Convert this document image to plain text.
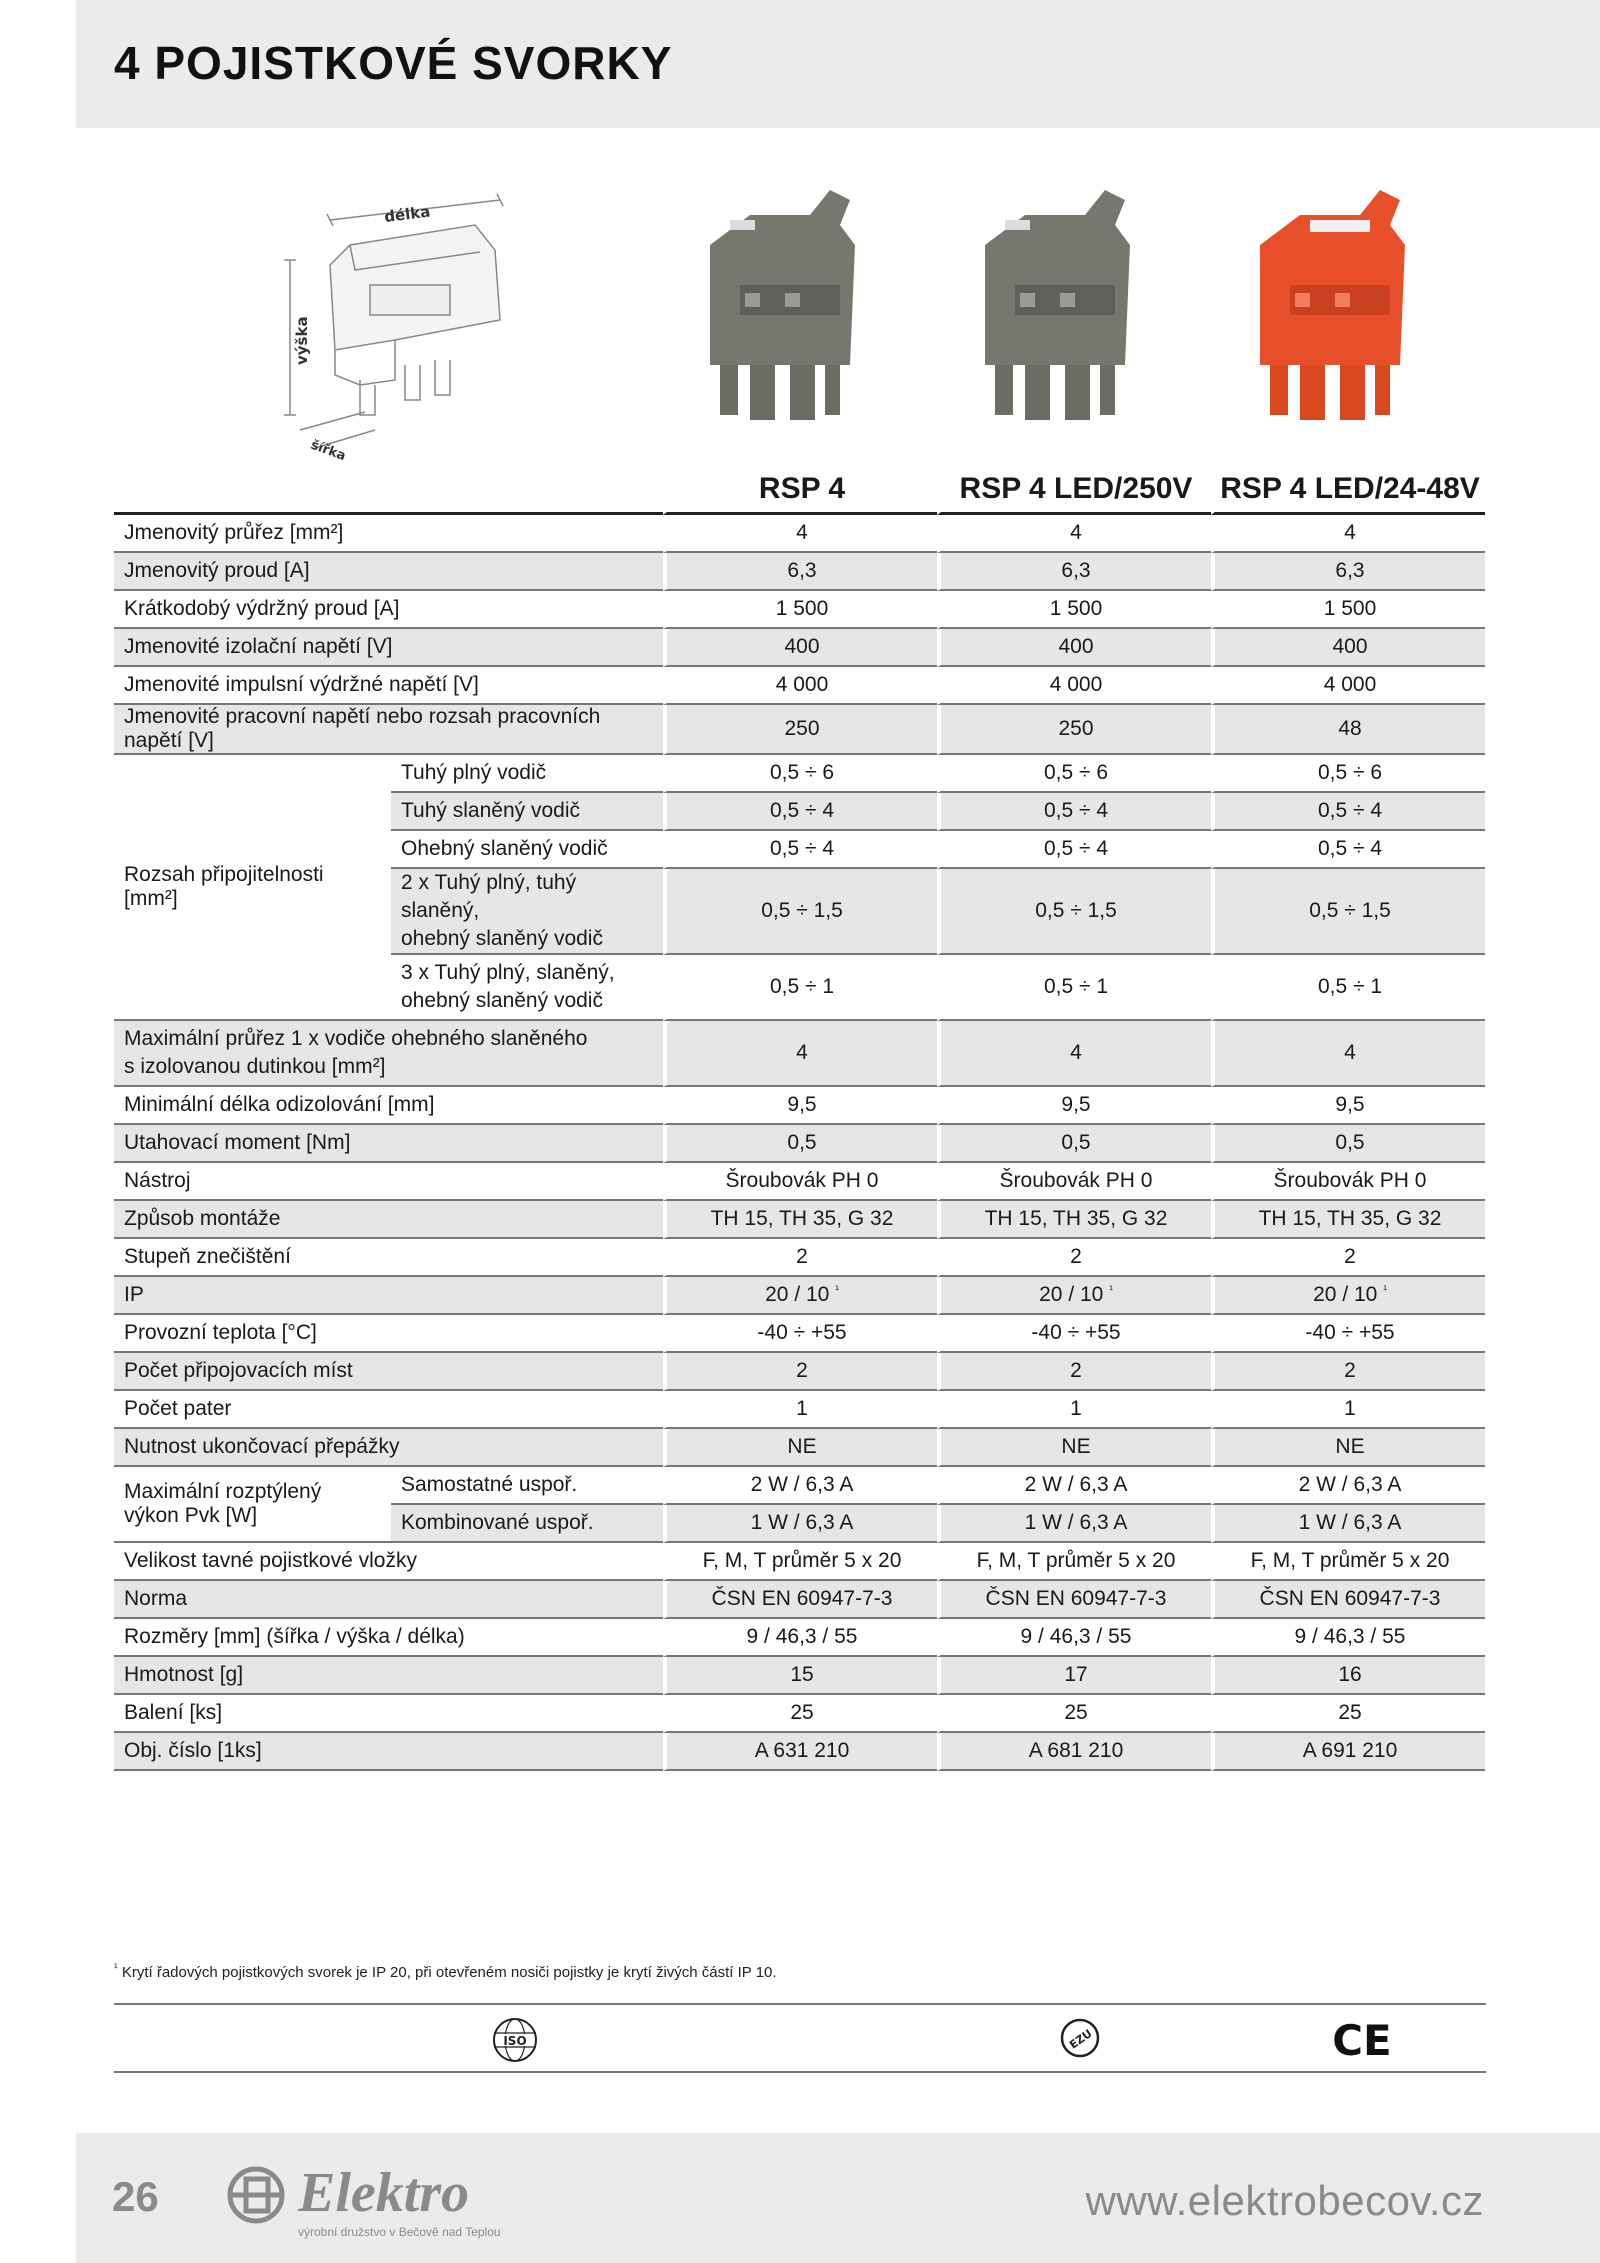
4 POJISTKOVÉ SVORKY
délka
výška
šířka
		RSP 4	RSP 4 LED/250V	RSP 4 LED/24-48V
Jmenovitý průřez [mm²]		4	4	4
Jmenovitý proud [A]		6,3	6,3	6,3
Krátkodobý výdržný proud [A]		1 500	1 500	1 500
Jmenovité izolační napětí [V]		400	400	400
Jmenovité impulsní výdržné napětí [V]		4 000	4 000	4 000
Jmenovité pracovní napětí nebo rozsah pracovních napětí [V]		250	250	48
Rozsah připojitelnosti [mm²]	Tuhý plný vodič	0,5 ÷ 6	0,5 ÷ 6	0,5 ÷ 6
	Tuhý slaněný vodič	0,5 ÷ 4	0,5 ÷ 4	0,5 ÷ 4
	Ohebný slaněný vodič	0,5 ÷ 4	0,5 ÷ 4	0,5 ÷ 4
	2 x Tuhý plný, tuhý slaněný,
ohebný slaněný vodič	0,5 ÷ 1,5	0,5 ÷ 1,5	0,5 ÷ 1,5
	3 x Tuhý plný, slaněný,
ohebný slaněný vodič	0,5 ÷ 1	0,5 ÷ 1	0,5 ÷ 1
Maximální průřez 1 x vodiče ohebného slaněného
s izolovanou dutinkou [mm²]		4	4	4
Minimální délka odizolování [mm]		9,5	9,5	9,5
Utahovací moment [Nm]		0,5	0,5	0,5
Nástroj		Šroubovák PH 0	Šroubovák PH 0	Šroubovák PH 0
Způsob montáže		TH 15, TH 35, G 32	TH 15, TH 35, G 32	TH 15, TH 35, G 32
Stupeň znečištění		2	2	2
IP		20 / 10 $^{^1}$	20 / 10 $^{^1}$	20 / 10 $^{^1}$
Provozní teplota [°C]		-40 ÷ +55	-40 ÷ +55	-40 ÷ +55
Počet připojovacích míst		2	2	2
Počet pater		1	1	1
Nutnost ukončovací přepážky		NE	NE	NE
Maximální rozptýlený
výkon Pvk [W]	Samostatné uspoř.	2 W / 6,3 A	2 W / 6,3 A	2 W / 6,3 A
	Kombinované uspoř.	1 W / 6,3 A	1 W / 6,3 A	1 W / 6,3 A
Velikost tavné pojistkové vložky		F, M, T průměr 5 x 20	F, M, T průměr 5 x 20	F, M, T průměr 5 x 20
Norma		ČSN EN 60947-7-3	ČSN EN 60947-7-3	ČSN EN 60947-7-3
Rozměry [mm] (šířka / výška / délka)		9 / 46,3 / 55	9 / 46,3 / 55	9 / 46,3 / 55
Hmotnost [g]		15	17	16
Balení [ks]		25	25	25
Obj. číslo [1ks]		A 631 210	A 681 210	A 691 210
$^{^1}$ Krytí řadových pojistkových svorek je IP 20, při otevřeném nosiči pojistky je krytí živých částí IP 10.
ISO	EZU	CE
26 Elektro
výrobní družstvo v Bečově nad Teplou
www.elektrobecov.cz
